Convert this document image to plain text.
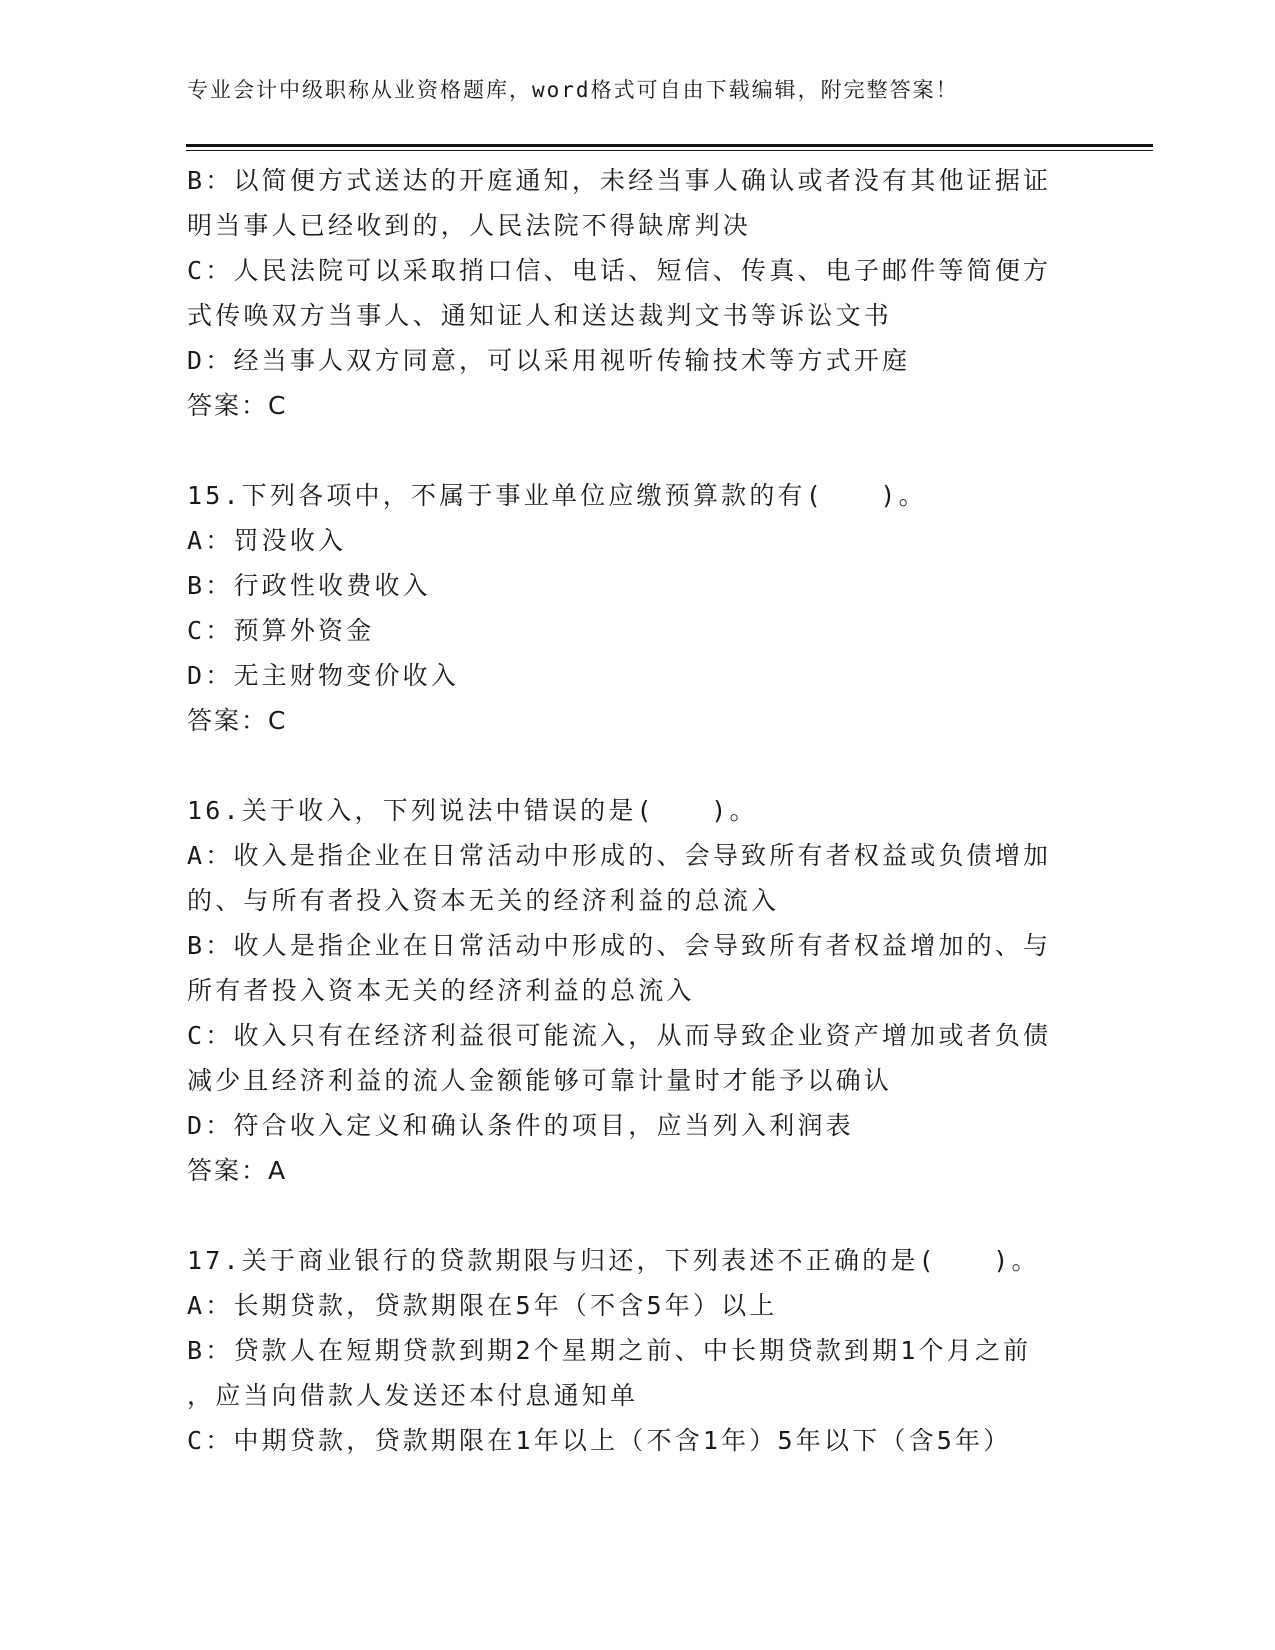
专业会计中级职称从业资格题库，word格式可自由下载编辑，附完整答案！
B：以简便方式送达的开庭通知，未经当事人确认或者没有其他证据证
明当事人已经收到的，人民法院不得缺席判决
C：人民法院可以采取捎口信、电话、短信、传真、电子邮件等简便方
式传唤双方当事人、通知证人和送达裁判文书等诉讼文书
D：经当事人双方同意，可以采用视听传输技术等方式开庭
答案：C
15.下列各项中，不属于事业单位应缴预算款的有(　　)。
A：罚没收入
B：行政性收费收入
C：预算外资金
D：无主财物变价收入
答案：C
16.关于收入，下列说法中错误的是(　　)。
A：收入是指企业在日常活动中形成的、会导致所有者权益或负债增加
的、与所有者投入资本无关的经济利益的总流入
B：收人是指企业在日常活动中形成的、会导致所有者权益增加的、与
所有者投入资本无关的经济利益的总流入
C：收入只有在经济利益很可能流入，从而导致企业资产增加或者负债
减少且经济利益的流人金额能够可靠计量时才能予以确认
D：符合收入定义和确认条件的项目，应当列入利润表
答案：A
17.关于商业银行的贷款期限与归还，下列表述不正确的是(　　)。
A：长期贷款，贷款期限在5年（不含5年）以上
B：贷款人在短期贷款到期2个星期之前、中长期贷款到期1个月之前
，应当向借款人发送还本付息通知单
C：中期贷款，贷款期限在1年以上（不含1年）5年以下（含5年）
